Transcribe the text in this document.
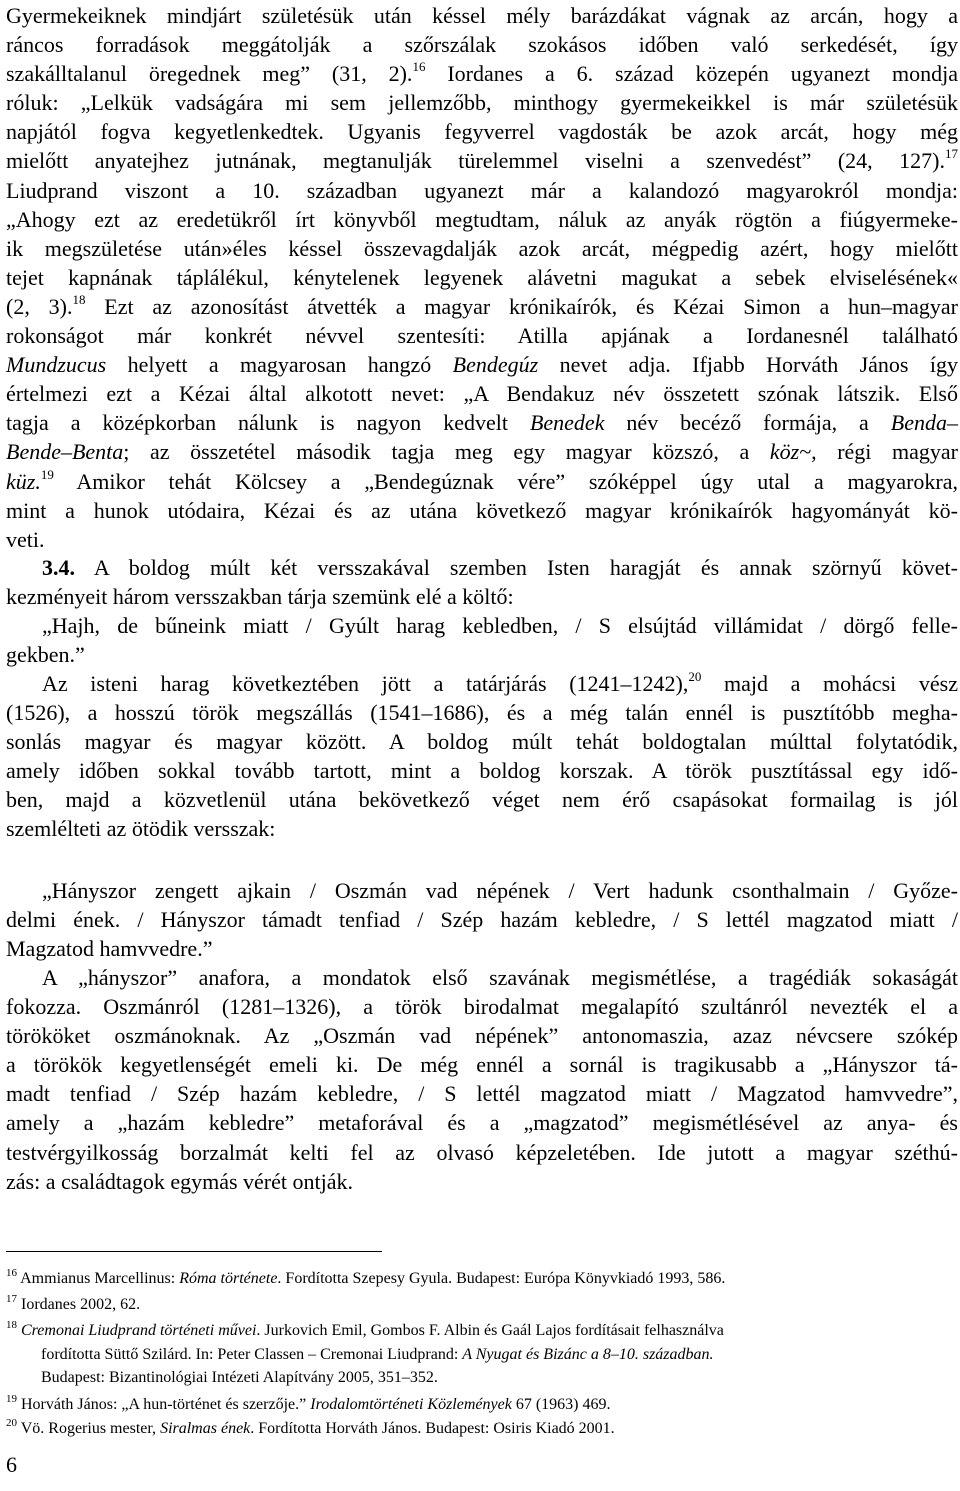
Gyermekeiknek mindjárt születésük után késsel mély barázdákat vágnak az arcán, hogy a
ráncos forradások meggátolják a szőrszálak szokásos időben való serkedését, így
szakálltalanul öregednek meg” (31, 2).$^{16}$ Iordanes a 6. század közepén ugyanezt mondja
róluk: „Lelkük vadságára mi sem jellemzőbb, minthogy gyermekeikkel is már születésük
napjától fogva kegyetlenkedtek. Ugyanis fegyverrel vagdosták be azok arcát, hogy még
mielőtt anyatejhez jutnának, megtanulják türelemmel viselni a szenvedést” (24, 127).$^{17}$
Liudprand viszont a 10. században ugyanezt már a kalandozó magyarokról mondja:
„Ahogy ezt az eredetükről írt könyvből megtudtam, náluk az anyák rögtön a fiúgyermeke-
ik megszületése után»éles késsel összevagdalják azok arcát, mégpedig azért, hogy mielőtt
tejet kapnának táplálékul, kénytelenek legyenek alávetni magukat a sebek elviselésének«
(2, 3).$^{18}$ Ezt az azonosítást átvették a magyar krónikaírók, és Kézai Simon a hun–magyar
rokonságot már konkrét névvel szentesíti: Atilla apjának a Iordanesnél található
Mundzucus helyett a magyarosan hangzó Bendegúz nevet adja. Ifjabb Horváth János így
értelmezi ezt a Kézai által alkotott nevet: „A Bendakuz név összetett szónak látszik. Első
tagja a középkorban nálunk is nagyon kedvelt Benedek név becéző formája, a Benda–
Bende–Benta; az összetétel második tagja meg egy magyar közszó, a köz~, régi magyar
küz.$^{19}$ Amikor tehát Kölcsey a „Bendegúznak vére” szóképpel úgy utal a magyarokra,
mint a hunok utódaira, Kézai és az utána következő magyar krónikaírók hagyományát kö-
veti.
3.4. A boldog múlt két versszakával szemben Isten haragját és annak szörnyű követ-
kezményeit három versszakban tárja szemünk elé a költő:
„Hajh, de bűneink miatt / Gyúlt harag kebledben, / S elsújtád villámidat / dörgő felle-
gekben.”
Az isteni harag következtében jött a tatárjárás (1241–1242),$^{20}$ majd a mohácsi vész
(1526), a hosszú török megszállás (1541–1686), és a még talán ennél is pusztítóbb megha-
sonlás magyar és magyar között. A boldog múlt tehát boldogtalan múlttal folytatódik,
amely időben sokkal tovább tartott, mint a boldog korszak. A török pusztítással egy idő-
ben, majd a közvetlenül utána bekövetkező véget nem érő csapásokat formailag is jól
szemlélteti az ötödik versszak:
„Hányszor zengett ajkain / Oszmán vad népének / Vert hadunk csonthalmain / Győze-
delmi ének. / Hányszor támadt tenfiad / Szép hazám kebledre, / S lettél magzatod miatt /
Magzatod hamvvedre.”
A „hányszor” anafora, a mondatok első szavának megismétlése, a tragédiák sokaságát
fokozza. Oszmánról (1281–1326), a török birodalmat megalapító szultánról nevezték el a
törököket oszmánoknak. Az „Oszmán vad népének” antonomaszia, azaz névcsere szókép
a törökök kegyetlenségét emeli ki. De még ennél a sornál is tragikusabb a „Hányszor tá-
madt tenfiad / Szép hazám kebledre, / S lettél magzatod miatt / Magzatod hamvvedre”,
amely a „hazám kebledre” metaforával és a „magzatod” megismétlésével az anya- és
testvérgyilkosság borzalmát kelti fel az olvasó képzeletében. Ide jutott a magyar széthú-
zás: a családtagok egymás vérét ontják.
$^{16}$ Ammianus Marcellinus: Róma története. Fordította Szepesy Gyula. Budapest: Európa Könyvkiadó 1993, 586.
$^{17}$ Iordanes 2002, 62.
$^{18}$ Cremonai Liudprand történeti művei. Jurkovich Emil, Gombos F. Albin és Gaál Lajos fordításait felhasználva
fordította Süttő Szilárd. In: Peter Classen – Cremonai Liudprand: A Nyugat és Bizánc a 8–10. században.
Budapest: Bizantinológiai Intézeti Alapítvány 2005, 351–352.
$^{19}$ Horváth János: „A hun-történet és szerzője.” Irodalomtörténeti Közlemények 67 (1963) 469.
$^{20}$ Vö. Rogerius mester, Siralmas ének. Fordította Horváth János. Budapest: Osiris Kiadó 2001.
6
